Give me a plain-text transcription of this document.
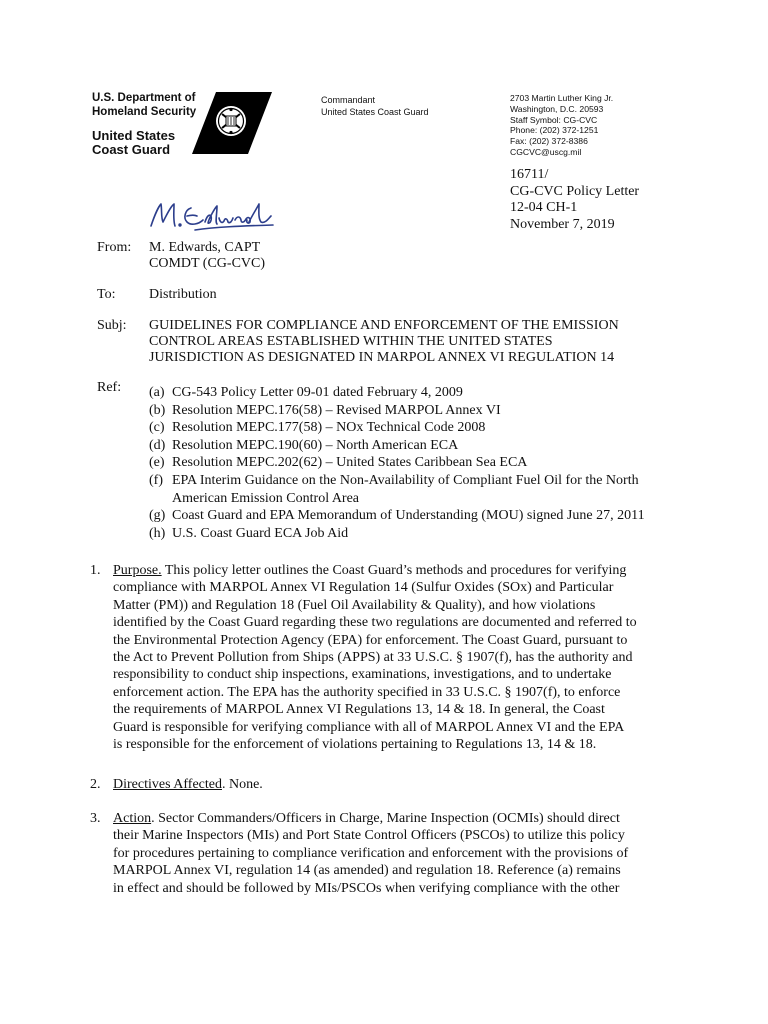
U.S. Department of
Homeland Security
United States
Coast Guard
Commandant
United States Coast Guard
2703 Martin Luther King Jr.
Washington, D.C. 20593
Staff Symbol: CG-CVC
Phone: (202) 372-1251
Fax: (202) 372-8386
CGCVC@uscg.mil
16711/
CG-CVC Policy Letter
12-04 CH-1
November 7, 2019
From: M. Edwards, CAPT
COMDT (CG-CVC)
To: Distribution
Subj: GUIDELINES FOR COMPLIANCE AND ENFORCEMENT OF THE EMISSION
CONTROL AREAS ESTABLISHED WITHIN THE UNITED STATES
JURISDICTION AS DESIGNATED IN MARPOL ANNEX VI REGULATION 14
Ref: (a) CG-543 Policy Letter 09-01 dated February 4, 2009
(b) Resolution MEPC.176(58) – Revised MARPOL Annex VI
(c) Resolution MEPC.177(58) – NOx Technical Code 2008
(d) Resolution MEPC.190(60) – North American ECA
(e) Resolution MEPC.202(62) – United States Caribbean Sea ECA
(f) EPA Interim Guidance on the Non-Availability of Compliant Fuel Oil for the North
American Emission Control Area
(g) Coast Guard and EPA Memorandum of Understanding (MOU) signed June 27, 2011
(h) U.S. Coast Guard ECA Job Aid
1. Purpose. This policy letter outlines the Coast Guard’s methods and procedures for verifying
compliance with MARPOL Annex VI Regulation 14 (Sulfur Oxides (SOx) and Particular
Matter (PM)) and Regulation 18 (Fuel Oil Availability & Quality), and how violations
identified by the Coast Guard regarding these two regulations are documented and referred to
the Environmental Protection Agency (EPA) for enforcement. The Coast Guard, pursuant to
the Act to Prevent Pollution from Ships (APPS) at 33 U.S.C. § 1907(f), has the authority and
responsibility to conduct ship inspections, examinations, investigations, and to undertake
enforcement action. The EPA has the authority specified in 33 U.S.C. § 1907(f), to enforce
the requirements of MARPOL Annex VI Regulations 13, 14 & 18. In general, the Coast
Guard is responsible for verifying compliance with all of MARPOL Annex VI and the EPA
is responsible for the enforcement of violations pertaining to Regulations 13, 14 & 18.
2. Directives Affected. None.
3. Action. Sector Commanders/Officers in Charge, Marine Inspection (OCMIs) should direct
their Marine Inspectors (MIs) and Port State Control Officers (PSCOs) to utilize this policy
for procedures pertaining to compliance verification and enforcement with the provisions of
MARPOL Annex VI, regulation 14 (as amended) and regulation 18. Reference (a) remains
in effect and should be followed by MIs/PSCOs when verifying compliance with the other
